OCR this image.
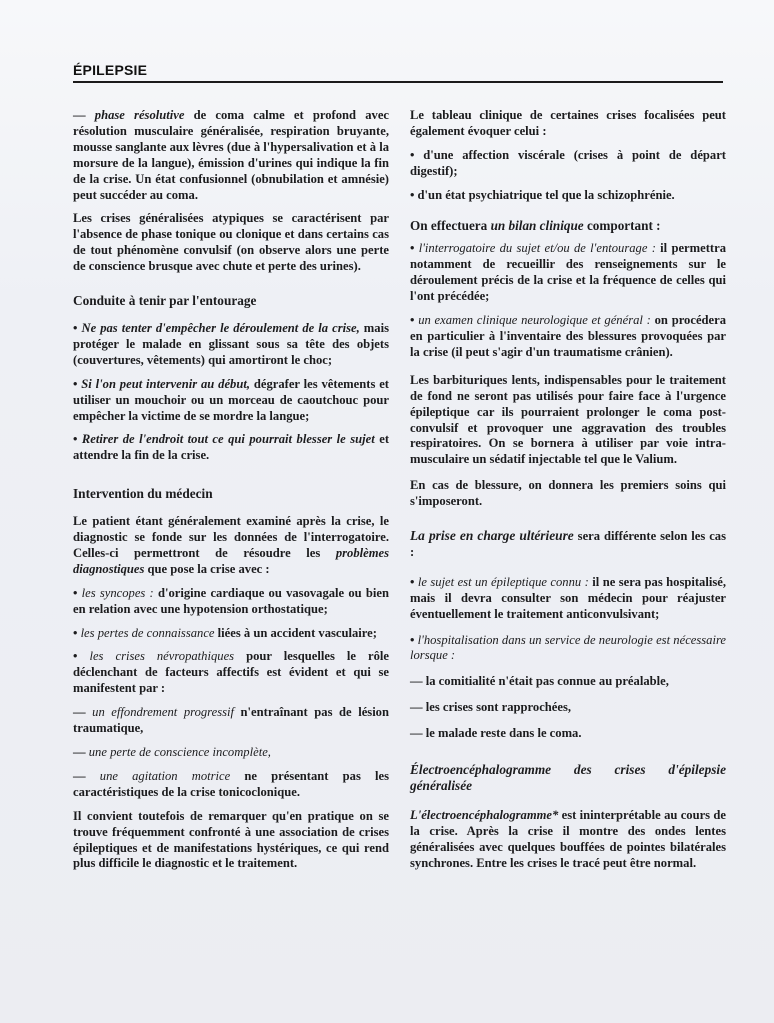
ÉPILEPSIE

— phase résolutive de coma calme et profond avec résolution musculaire généralisée, respiration bruyante, mousse sanglante aux lèvres (due à l'hypersalivation et à la morsure de la langue), émission d'urines qui indique la fin de la crise. Un état confusionnel (obnubilation et amnésie) peut succéder au coma.

Les crises généralisées atypiques se caractérisent par l'absence de phase tonique ou clonique et dans certains cas de tout phénomène convulsif (on observe alors une perte de conscience brusque avec chute et perte des urines).

Conduite à tenir par l'entourage

• Ne pas tenter d'empêcher le déroulement de la crise, mais protéger le malade en glissant sous sa tête des objets (couvertures, vêtements) qui amortiront le choc;

• Si l'on peut intervenir au début, dégrafer les vêtements et utiliser un mouchoir ou un morceau de caoutchouc pour empêcher la victime de se mordre la langue;

• Retirer de l'endroit tout ce qui pourrait blesser le sujet et attendre la fin de la crise.

Intervention du médecin

Le patient étant généralement examiné après la crise, le diagnostic se fonde sur les données de l'interrogatoire. Celles-ci permettront de résoudre les problèmes diagnostiques que pose la crise avec :

• les syncopes : d'origine cardiaque ou vasovagale ou bien en relation avec une hypotension orthostatique;

• les pertes de connaissance liées à un accident vasculaire;

• les crises névropathiques pour lesquelles le rôle déclenchant de facteurs affectifs est évident et qui se manifestent par :

— un effondrement progressif n'entraînant pas de lésion traumatique,

— une perte de conscience incomplète,

— une agitation motrice ne présentant pas les caractéristiques de la crise tonicoclonique.

Il convient toutefois de remarquer qu'en pratique on se trouve fréquemment confronté à une association de crises épileptiques et de manifestations hystériques, ce qui rend plus difficile le diagnostic et le traitement.

Le tableau clinique de certaines crises focalisées peut également évoquer celui :

• d'une affection viscérale (crises à point de départ digestif);

• d'un état psychiatrique tel que la schizophrénie.

On effectuera un bilan clinique comportant :

• l'interrogatoire du sujet et/ou de l'entourage : il permettra notamment de recueillir des renseignements sur le déroulement précis de la crise et la fréquence de celles qui l'ont précédée;

• un examen clinique neurologique et général : on procédera en particulier à l'inventaire des blessures provoquées par la crise (il peut s'agir d'un traumatisme crânien).

Les barbituriques lents, indispensables pour le traitement de fond ne seront pas utilisés pour faire face à l'urgence épileptique car ils pourraient prolonger le coma post-convulsif et provoquer une aggravation des troubles respiratoires. On se bornera à utiliser par voie intra-musculaire un sédatif injectable tel que le Valium.

En cas de blessure, on donnera les premiers soins qui s'imposeront.

La prise en charge ultérieure sera différente selon les cas :

• le sujet est un épileptique connu : il ne sera pas hospitalisé, mais il devra consulter son médecin pour réajuster éventuellement le traitement anticonvulsivant;

• l'hospitalisation dans un service de neurologie est nécessaire lorsque :

— la comitialité n'était pas connue au préalable,

— les crises sont rapprochées,

— le malade reste dans le coma.

Électroencéphalogramme des crises d'épilepsie généralisée

L'électroencéphalogramme* est ininterprétable au cours de la crise. Après la crise il montre des ondes lentes généralisées avec quelques bouffées de pointes bilatérales synchrones. Entre les crises le tracé peut être normal.
